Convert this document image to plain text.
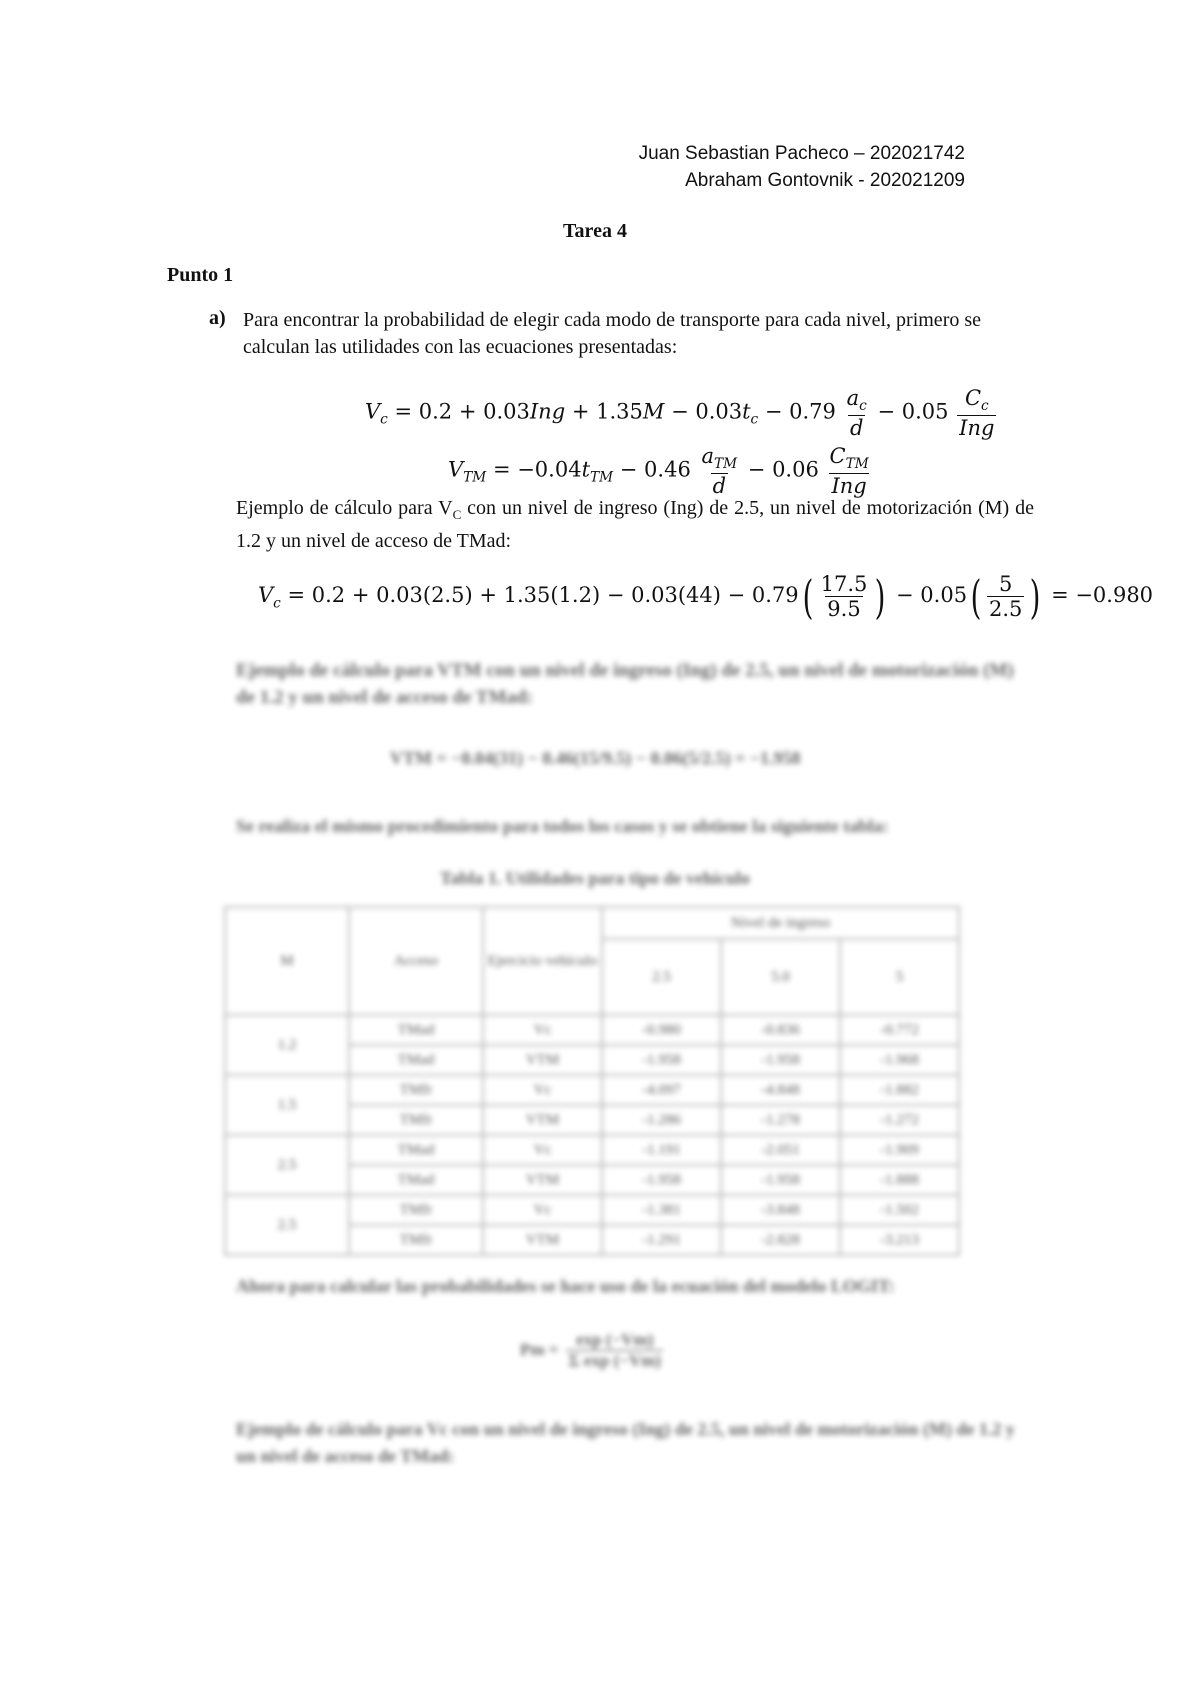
Juan Sebastian Pacheco – 202021742
Abraham Gontovnik - 202021209
Tarea 4
Punto 1
a) Para encontrar la probabilidad de elegir cada modo de transporte para cada nivel, primero se calculan las utilidades con las ecuaciones presentadas:
$V_c = 0.2 + 0.03Ing + 1.35M - 0.03t_c - 0.79 \frac{a_c}{d} - 0.05 \frac{C_c}{\text{Ing}}$
$V_{TM} = -0.04t_{TM} - 0.46 \frac{a_{TM}}{d} - 0.06 \frac{C_{TM}}{\text{Ing}}$
Ejemplo de cálculo para $V_C$ con un nivel de ingreso (Ing) de 2.5, un nivel de motorización (M) de 1.2 y un nivel de acceso de TMad:
$V_c = 0.2 + 0.03(2.5) + 1.35(1.2) - 0.03(44) - 0.79( \frac{17.5}{9.5}$ ) − $0.05( \frac{5}{2.5}$ ) = −0.980
Ejemplo de cálculo para VTM con un nivel de ingreso (Ing) de 2.5, un nivel de motorización (M) de 1.2 y un nivel de acceso de TMad:
VTM = −0.04(31) − 0.46(15/9.5) − 0.06(5/2.5) = −1.958
Se realiza el mismo procedimiento para todos los casos y se obtiene la siguiente tabla:
Tabla 1. Utilidades para tipo de vehículo
M	Acceso	Ejercicio vehículo	Nivel de ingreso		
			2.5	5.0	5
1.2	TMad	Vc	-0.980	-0.836	-0.772
	TMad	VTM	-1.958	-1.958	-1.968
1.5	TMfr	Vc	-4.097	-4.848	-1.882
	TMfr	VTM	-1.286	-1.278	-1.272
2.5	TMad	Vc	-1.191	-2.051	-1.909
	TMad	VTM	-1.958	-1.958	-1.888
2.5	TMfr	Vc	-1.381	-3.848	-1.502
	TMfr	VTM	-1.291	-2.828	-3.213
Ahora para calcular las probabilidades se hace uso de la ecuación del modelo LOGIT:
$Pm = \frac{\exp (-Vm)}{\text{Σ exp (−Vm)}}$
Ejemplo de cálculo para Vc con un nivel de ingreso (Ing) de 2.5, un nivel de motorización (M) de 1.2 y un nivel de acceso de TMad:
